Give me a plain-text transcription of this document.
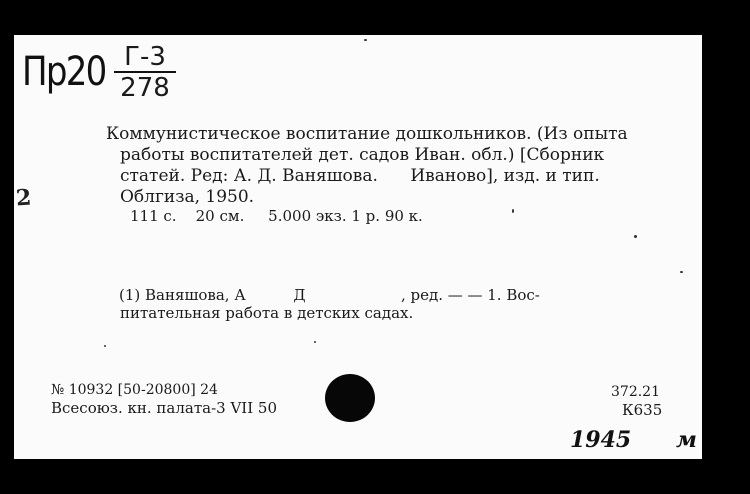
Пр20 Г-3
278
Коммунистическое воспитание дошкольников. (Из опыта
работы воспитателей дет. садов Иван. обл.) [Сборник
статей. Ред: А. Д. Ваняшова.      Иваново], изд. и тип.
Облгиза, 1950.
111 с.    20 см.     5.000 экз. 1 р. 90 к.
2
(1) Ваняшова, А          Д                    , ред. — — 1. Вос-
питательная работа в детских садах.
№ 10932 [50-20800] 24
Всесоюз. кн. палата-3 VII 50
372.21
К635
1945 м
